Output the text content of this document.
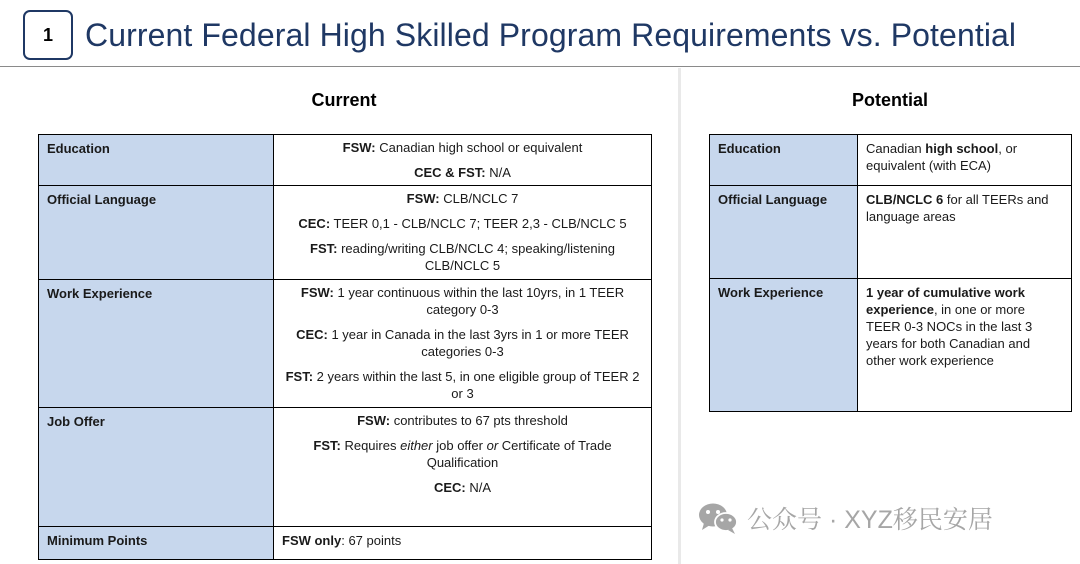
1 Current Federal High Skilled Program Requirements vs. Potential
Current	Potential
Education	FSW: Canadian high school or equivalent
CEC & FST: N/A

Official Language	FSW: CLB/NCLC 7
CEC: TEER 0,1 - CLB/NCLC 7; TEER 2,3 - CLB/NCLC 5
FST: reading/writing CLB/NCLC 4; speaking/listening CLB/NCLC 5

Work Experience	FSW: 1 year continuous within the last 10yrs, in 1 TEER category 0-3
CEC: 1 year in Canada in the last 3yrs in 1 or more TEER categories 0-3
FST: 2 years within the last 5, in one eligible group of TEER 2 or 3

Job Offer	FSW: contributes to 67 pts threshold
FST: Requires either job offer or Certificate of Trade Qualification
CEC: N/A

Minimum Points	FSW only: 67 points
Education	Canadian high school, or equivalent (with ECA)
Official Language	CLB/NCLC 6 for all TEERs and language areas
Work Experience	1 year of cumulative work experience, in one or more TEER 0-3 NOCs in the last 3 years for both Canadian and other work experience
公众号 · XYZ移民安居
